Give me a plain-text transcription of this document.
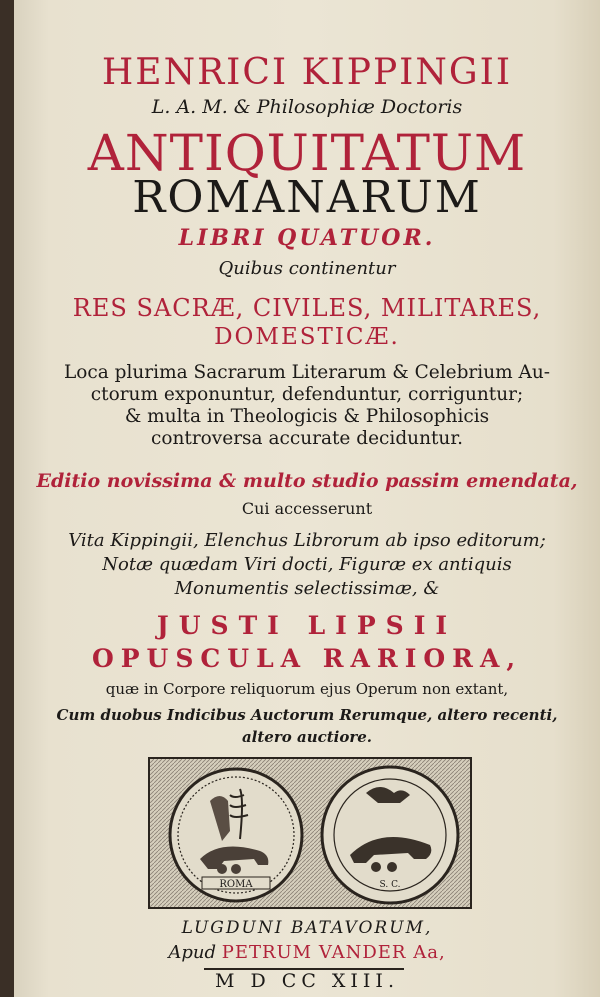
HENRICI KIPPINGII

L. A. M. & Philosophiæ Doctoris

ANTIQUITATUM

ROMANARUM

LIBRI QUATUOR.

Quibus continentur

RES SACRÆ, CIVILES, MILITARES,

DOMESTICÆ.

Loca plurima Sacrarum Literarum & Celebrium Au-

ctorum exponuntur, defenduntur, corriguntur;

& multa in Theologicis & Philosophicis

controversa accurate deciduntur.

Editio novissima & multo studio passim emendata,

Cui accesserunt

Vita Kippingii, Elenchus Librorum ab ipso editorum;

Notæ quædam Viri docti, Figuræ ex antiquis

Monumentis selectissimæ, &

JUSTI LIPSII

OPUSCULA RARIORA,

quæ in Corpore reliquorum ejus Operum non extant,

Cum duobus Indicibus Auctorum Rerumque, altero recenti,

altero auctiore.

ROMA	S. C.

LUGDUNI BATAVORUM,

Apud PETRUM VANDER Aa,

M D CC XIII.
